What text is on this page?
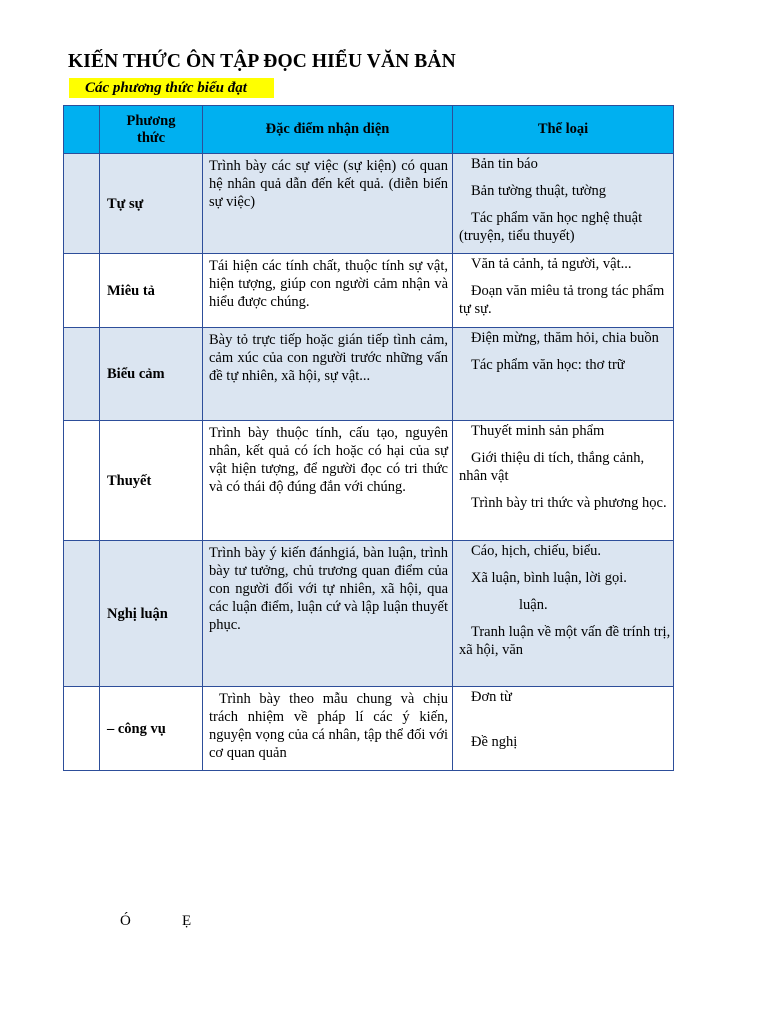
KIẾN THỨC ÔN TẬP ĐỌC HIỂU VĂN BẢN
Các phương thức biểu đạt
	Phương thức	Đặc điểm nhận diện	Thể loại
	Tự sự	Trình bày các sự việc (sự kiện) có quan hệ nhân quả dẫn đến kết quả. (diễn biến sự việc)	Bản tin báo
Bản tường thuật, tường
Tác phẩm văn học nghệ thuật (truyện, tiểu thuyết)

	Miêu tả	Tái hiện các tính chất, thuộc tính sự vật, hiện tượng, giúp con người cảm nhận và hiểu được chúng.	Văn tả cảnh, tả người, vật...
Đoạn văn miêu tả trong tác phẩm tự sự.

	Biểu cảm	Bày tỏ trực tiếp hoặc gián tiếp tình cảm, cảm xúc của con người trước những vấn đề tự nhiên, xã hội, sự vật...	Điện mừng, thăm hỏi, chia buồn
Tác phẩm văn học: thơ trữ

	Thuyết	Trình bày thuộc tính, cấu tạo, nguyên nhân, kết quả có ích hoặc có hại của sự vật hiện tượng, để người đọc có tri thức và có thái độ đúng đắn với chúng.	Thuyết minh sản phẩm
Giới thiệu di tích, thắng cảnh, nhân vật
Trình bày tri thức và phương học.

	Nghị luận	Trình bày ý kiến đánhgiá, bàn luận, trình bày tư tưởng, chủ trương quan điểm của con người đối với tự nhiên, xã hội, qua các luận điểm, luận cứ và lập luận thuyết phục.	Cáo, hịch, chiếu, biểu.
Xã luận, bình luận, lời gọi.
luận.
Tranh luận về một vấn đề trính trị, xã hội, văn

	– công vụ	Trình bày theo mẫu chung và chịu trách nhiệm về pháp lí các ý kiến, nguyện vọng của cá nhân, tập thể đối với cơ quan quản	Đơn từ
Đề nghị
Ó	Ẹ
